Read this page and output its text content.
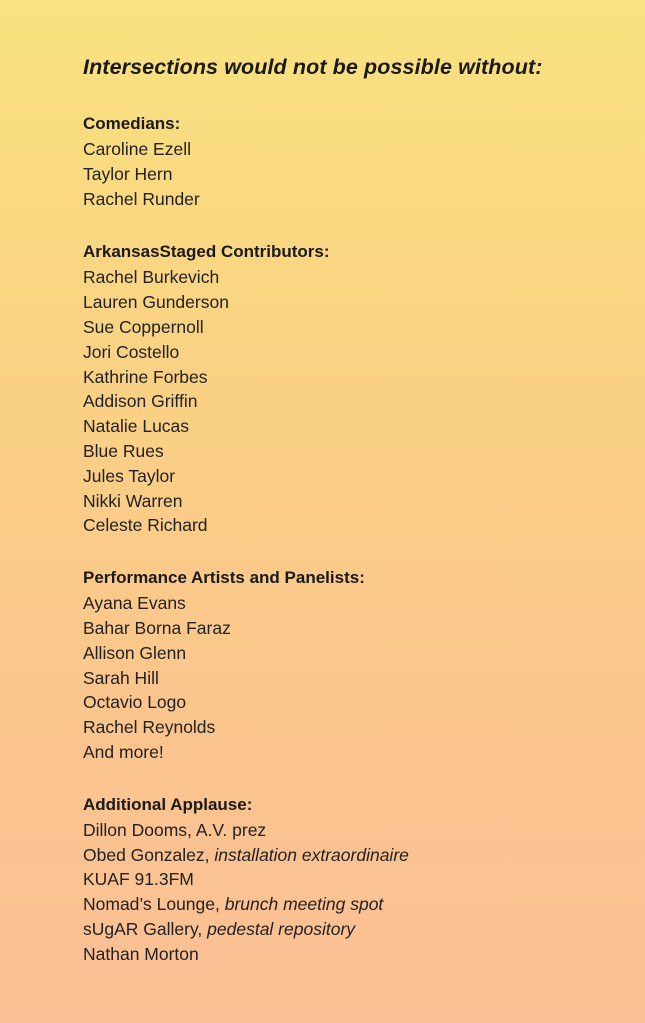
Intersections would not be possible without:
Comedians:
Caroline Ezell
Taylor Hern
Rachel Runder
ArkansasStaged Contributors:
Rachel Burkevich
Lauren Gunderson
Sue Coppernoll
Jori Costello
Kathrine Forbes
Addison Griffin
Natalie Lucas
Blue Rues
Jules Taylor
Nikki Warren
Celeste Richard
Performance Artists and Panelists:
Ayana Evans
Bahar Borna Faraz
Allison Glenn
Sarah Hill
Octavio Logo
Rachel Reynolds
And more!
Additional Applause:
Dillon Dooms, A.V. prez
Obed Gonzalez, installation extraordinaire
KUAF 91.3FM
Nomad’s Lounge, brunch meeting spot
sUgAR Gallery, pedestal repository
Nathan Morton
